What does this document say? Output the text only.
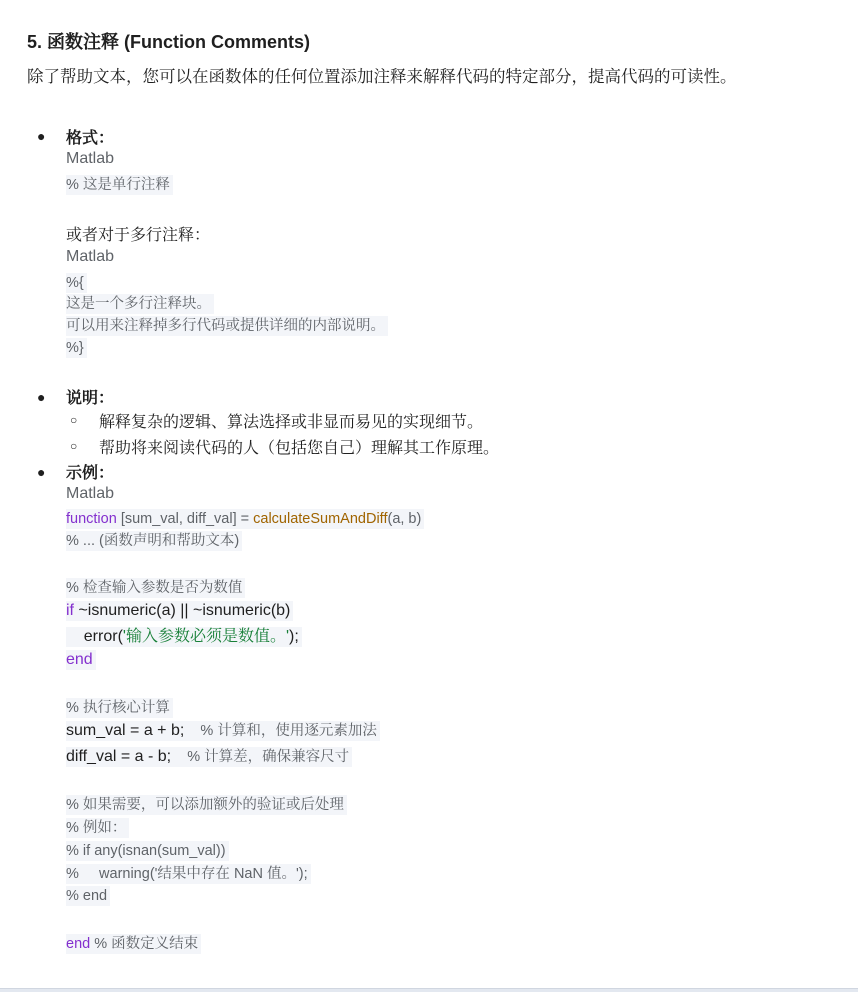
5. 函数注释 (Function Comments)
除了帮助文本，您可以在函数体的任何位置添加注释来解释代码的特定部分，提高代码的可读性。
● 格式：
Matlab
% 这是单行注释
或者对于多行注释：
Matlab
%{
这是一个多行注释块。
可以用来注释掉多行代码或提供详细的内部说明。
%}
● 说明：
○ 解释复杂的逻辑、算法选择或非显而易见的实现细节。
○ 帮助将来阅读代码的人（包括您自己）理解其工作原理。
● 示例：
Matlab
function [sum_val, diff_val] = calculateSumAndDiff(a, b)
% ... (函数声明和帮助文本)
% 检查输入参数是否为数值
if ~isnumeric(a) || ~isnumeric(b)
error('输入参数必须是数值。');
end
% 执行核心计算
sum_val = a + b;    % 计算和，使用逐元素加法
diff_val = a - b;    % 计算差，确保兼容尺寸
% 如果需要，可以添加额外的验证或后处理
% 例如：
% if any(isnan(sum_val))
%     warning('结果中存在 NaN 值。');
% end
end % 函数定义结束
